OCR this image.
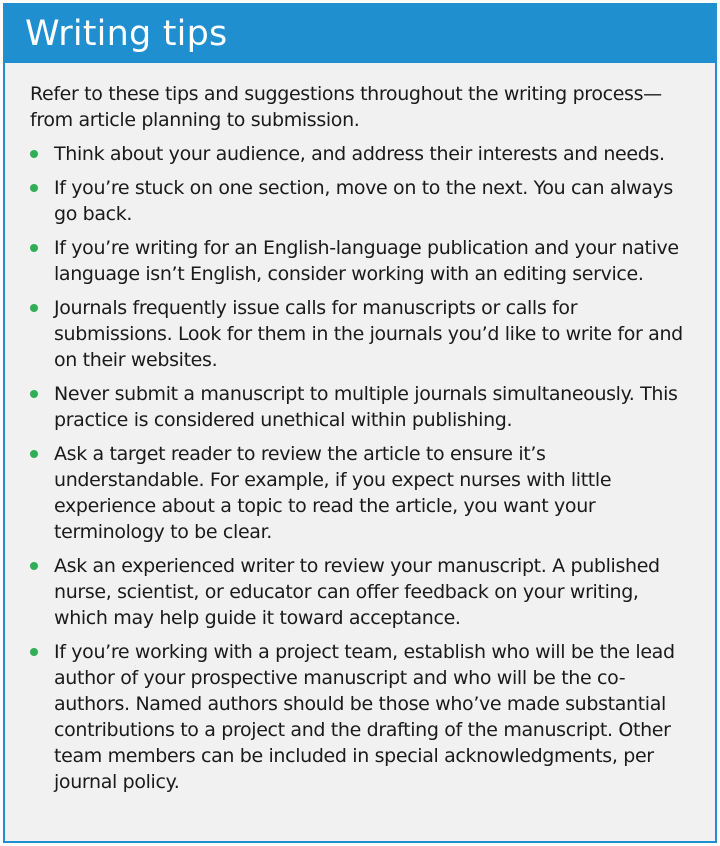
Writing tips

Refer to these tips and suggestions throughout the writing process—from article planning to submission.

Think about your audience, and address their interests and needs.
If you’re stuck on one section, move on to the next. You can always go back.
If you’re writing for an English-language publication and your native language isn’t English, consider working with an editing service.
Journals frequently issue calls for manuscripts or calls for submissions. Look for them in the journals you’d like to write for and on their websites.
Never submit a manuscript to multiple journals simultaneously. This practice is considered unethical within publishing.
Ask a target reader to review the article to ensure it’s understandable. For example, if you expect nurses with little experience about a topic to read the article, you want your terminology to be clear.
Ask an experienced writer to review your manuscript. A published nurse, scientist, or educator can offer feedback on your writing, which may help guide it toward acceptance.
If you’re working with a project team, establish who will be the lead author of your prospective manuscript and who will be the co-authors. Named authors should be those who’ve made substantial contributions to a project and the drafting of the manuscript. Other team members can be included in special acknowledgments, per journal policy.
